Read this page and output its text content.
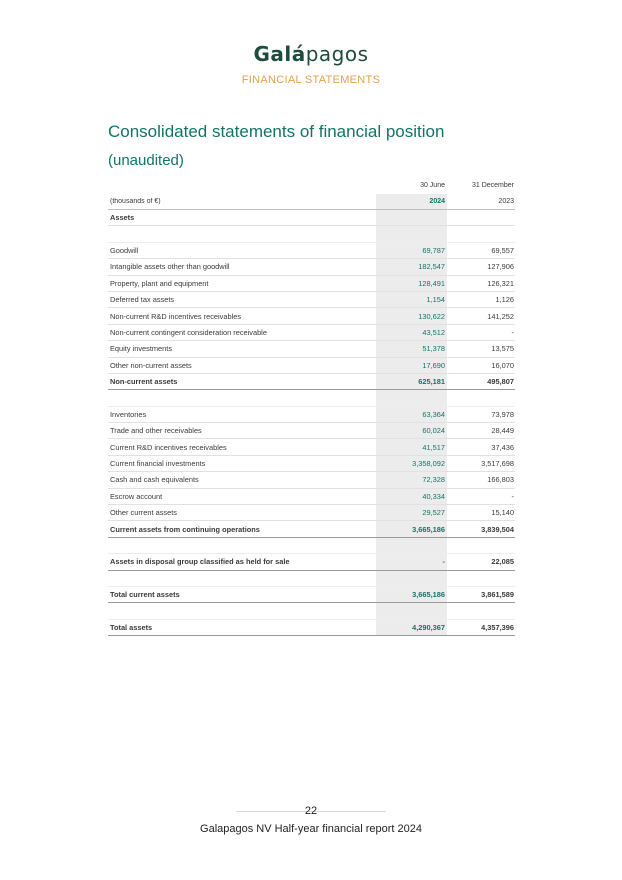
Galápagos
FINANCIAL STATEMENTS
Consolidated statements of financial position
(unaudited)
30 June	31 December
(thousands of €)	2024	2023
Assets
Goodwill	69,787	69,557
Intangible assets other than goodwill	182,547	127,906
Property, plant and equipment	128,491	126,321
Deferred tax assets	1,154	1,126
Non-current R&D incentives receivables	130,622	141,252
Non-current contingent consideration receivable	43,512	-
Equity investments	51,378	13,575
Other non-current assets	17,690	16,070
Non-current assets	625,181	495,807
Inventories	63,364	73,978
Trade and other receivables	60,024	28,449
Current R&D incentives receivables	41,517	37,436
Current financial investments	3,358,092	3,517,698
Cash and cash equivalents	72,328	166,803
Escrow account	40,334	-
Other current assets	29,527	15,140
Current assets from continuing operations	3,665,186	3,839,504
Assets in disposal group classified as held for sale	-	22,085
Total current assets	3,665,186	3,861,589
Total assets	4,290,367	4,357,396
22
Galapagos NV Half-year financial report 2024
